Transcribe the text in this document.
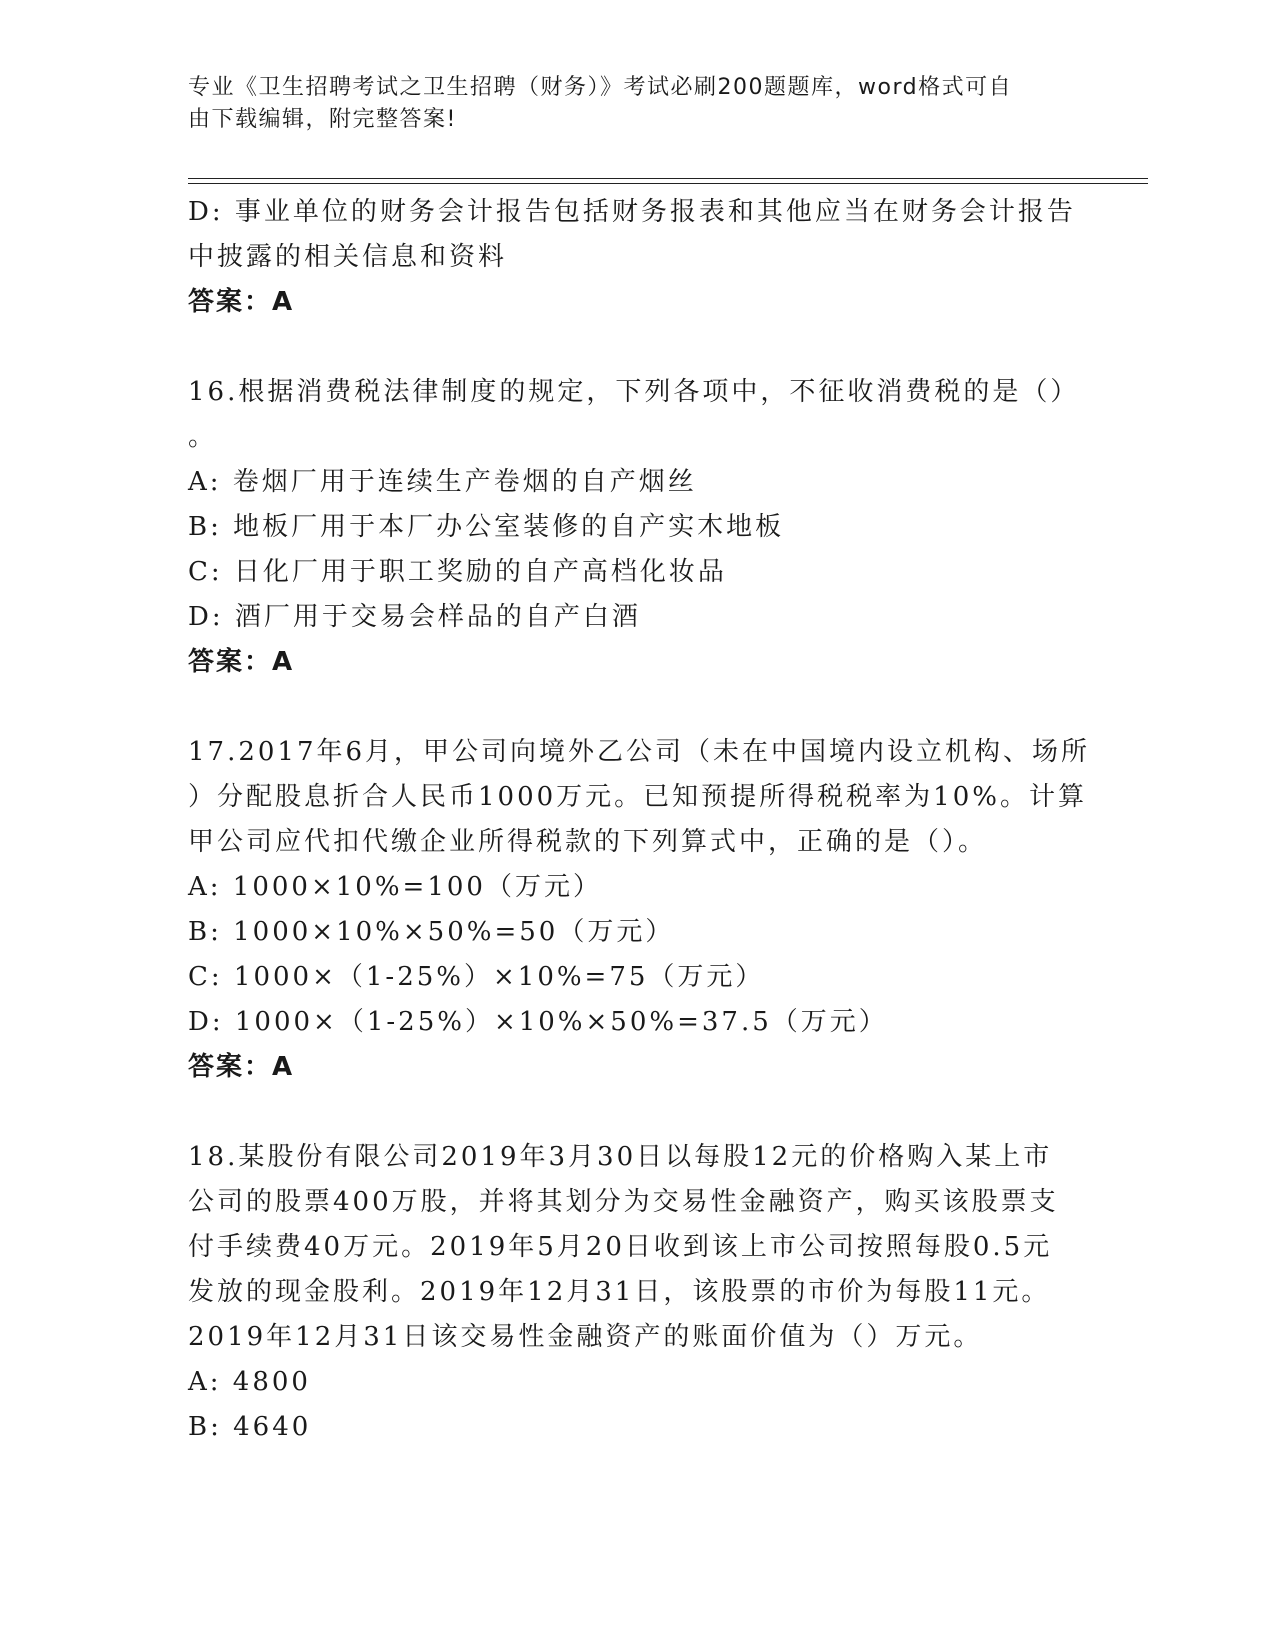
专业《卫生招聘考试之卫生招聘（财务）》考试必刷200题题库，word格式可自
由下载编辑，附完整答案!
D: 事业单位的财务会计报告包括财务报表和其他应当在财务会计报告
中披露的相关信息和资料
答案：A
16.根据消费税法律制度的规定，下列各项中，不征收消费税的是（）
。
A: 卷烟厂用于连续生产卷烟的自产烟丝
B: 地板厂用于本厂办公室装修的自产实木地板
C: 日化厂用于职工奖励的自产高档化妆品
D: 酒厂用于交易会样品的自产白酒
答案：A
17.2017年6月，甲公司向境外乙公司（未在中国境内设立机构、场所
）分配股息折合人民币1000万元。已知预提所得税税率为10%。计算
甲公司应代扣代缴企业所得税款的下列算式中，正确的是（）。
A: 1000×10%=100（万元）
B: 1000×10%×50%=50（万元）
C: 1000×（1-25%）×10%=75（万元）
D: 1000×（1-25%）×10%×50%=37.5（万元）
答案：A
18.某股份有限公司2019年3月30日以每股12元的价格购入某上市
公司的股票400万股，并将其划分为交易性金融资产，购买该股票支
付手续费40万元。2019年5月20日收到该上市公司按照每股0.5元
发放的现金股利。2019年12月31日，该股票的市价为每股11元。
2019年12月31日该交易性金融资产的账面价值为（）万元。
A: 4800
B: 4640
